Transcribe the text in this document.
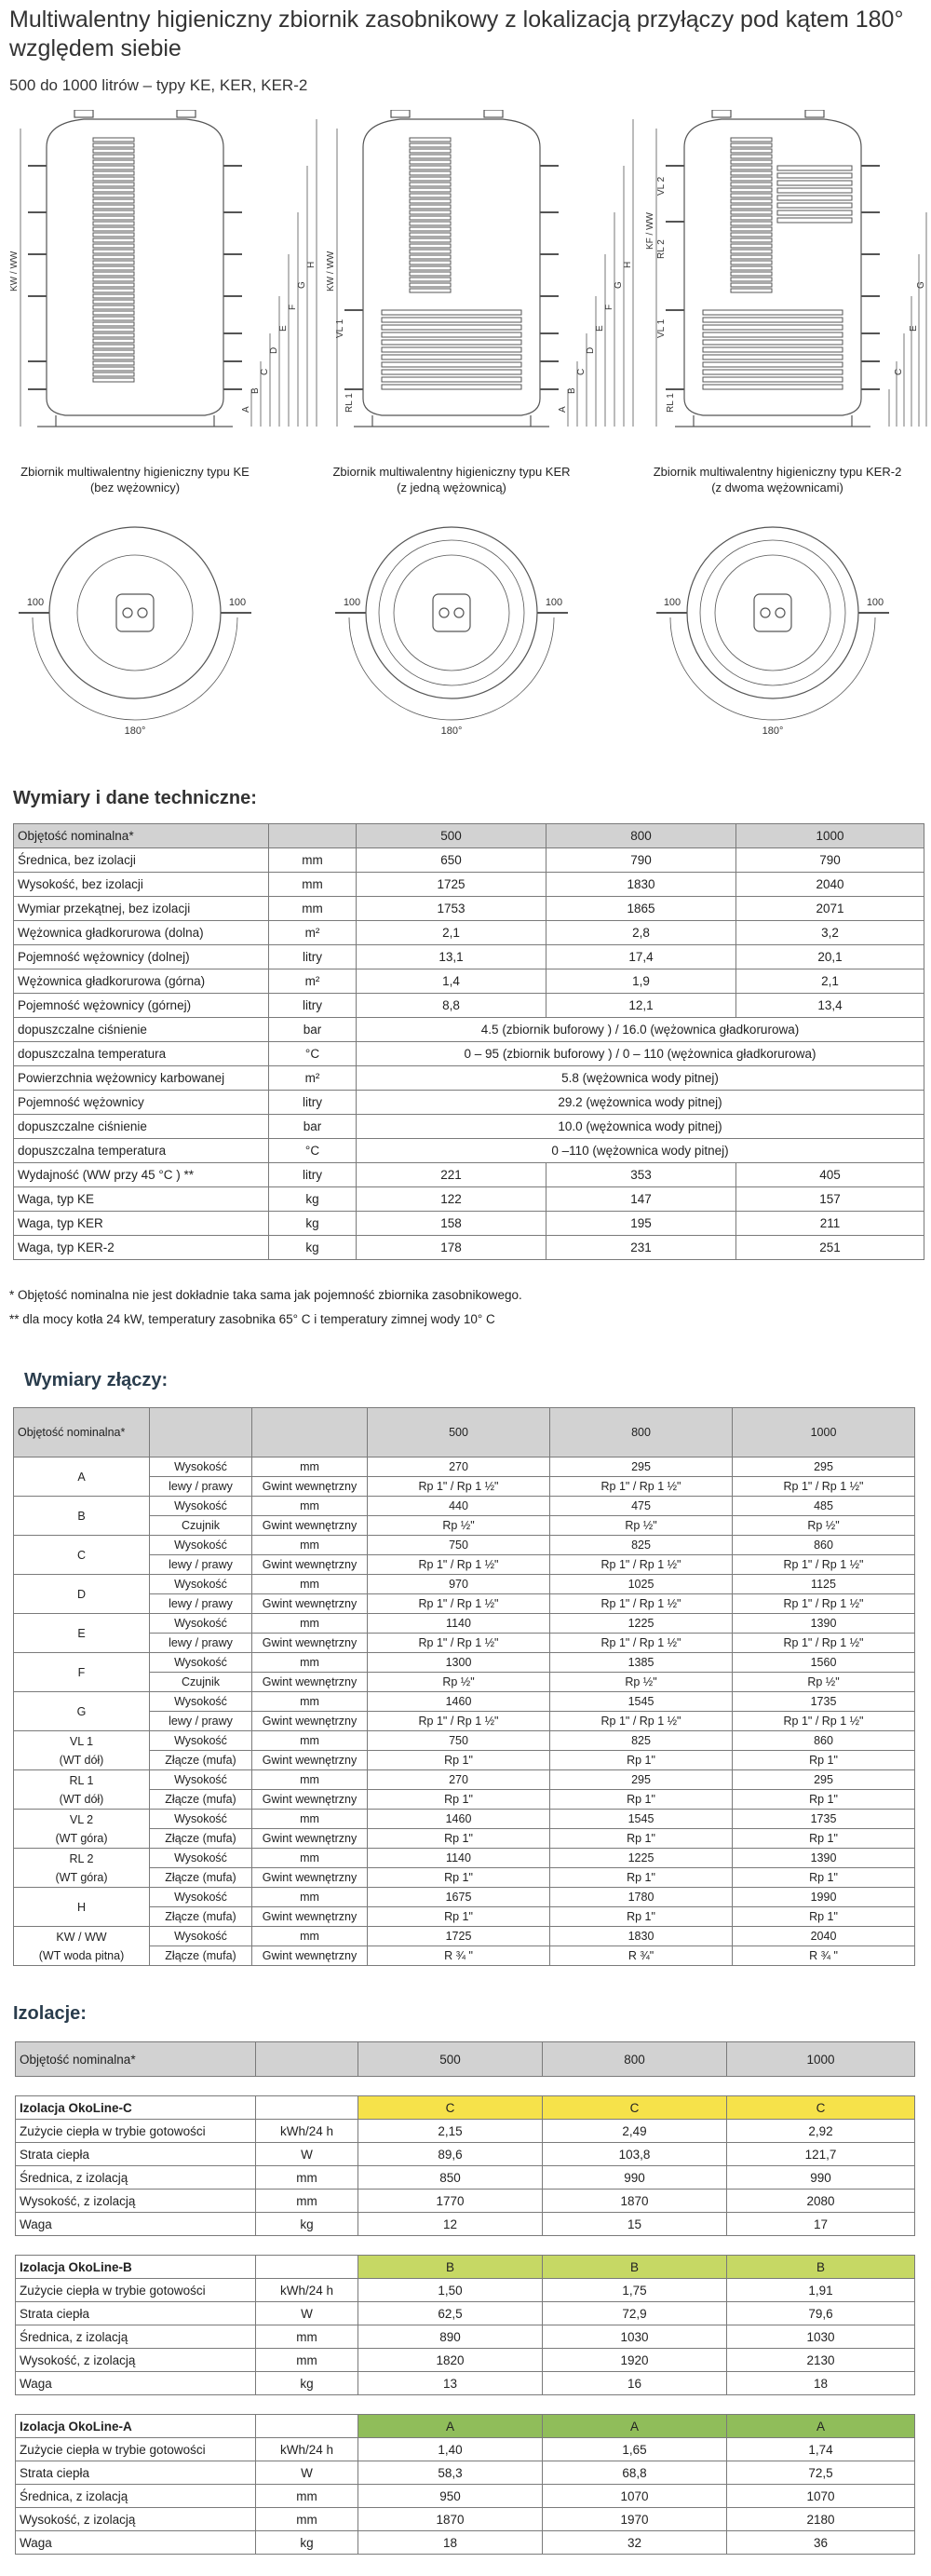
Multiwalentny higieniczny zbiornik zasobnikowy z lokalizacją przyłączy pod kątem 180° względem siebie
500 do 1000 litrów – typy KE, KER, KER-2
KW / WW
A
B
C
D
E
F
G
H KW / WW
VL 1
RL 1	A
B
C
D
E
F
G
H
KF / WW
VL 2
RL 2
VL 1
RL 1
C
E
G
180°	180°	180°
100	100	100	100	100	100
Zbiornik multiwalentny higieniczny typu KE
(bez wężownicy)
Zbiornik multiwalentny higieniczny typu KER
(z jedną wężownicą)
Zbiornik multiwalentny higieniczny typu KER-2
(z dwoma wężownicami)
Wymiary i dane techniczne:
Objętość nominalna*		500	800	1000
Średnica, bez izolacji	mm	650	790	790
Wysokość, bez izolacji	mm	1725	1830	2040
Wymiar przekątnej, bez izolacji	mm	1753	1865	2071
Wężownica gładkorurowa (dolna)	m²	2,1	2,8	3,2
Pojemność wężownicy (dolnej)	litry	13,1	17,4	20,1
Wężownica gładkorurowa (górna)	m²	1,4	1,9	2,1
Pojemność wężownicy (górnej)	litry	8,8	12,1	13,4
dopuszczalne ciśnienie	bar	4.5 (zbiornik buforowy ) / 16.0 (wężownica gładkorurowa)		
dopuszczalna temperatura	°C	0 – 95 (zbiornik buforowy ) / 0 – 110 (wężownica gładkorurowa)		
Powierzchnia wężownicy karbowanej	m²	5.8 (wężownica wody pitnej)		
Pojemność wężownicy	litry	29.2 (wężownica wody pitnej)		
dopuszczalne ciśnienie	bar	10.0 (wężownica wody pitnej)		
dopuszczalna temperatura	°C	0 –110 (wężownica wody pitnej)		
Wydajność (WW przy 45 °C ) **	litry	221	353	405
Waga, typ KE	kg	122	147	157
Waga, typ KER	kg	158	195	211
Waga, typ KER-2	kg	178	231	251
* Objętość nominalna nie jest dokładnie taka sama jak pojemność zbiornika zasobnikowego.
** dla mocy kotła 24 kW, temperatury zasobnika 65° C i temperatury zimnej wody 10° C
Wymiary złączy:
Objętość nominalna*			500	800	1000

A	Wysokość	mm	270	295	295
	lewy / prawy	Gwint wewnętrzny	Rp 1" / Rp 1 ½"	Rp 1" / Rp 1 ½"	Rp 1" / Rp 1 ½"

B	Wysokość	mm	440	475	485
	Czujnik	Gwint wewnętrzny	Rp ½"	Rp ½"	Rp ½"

C	Wysokość	mm	750	825	860
	lewy / prawy	Gwint wewnętrzny	Rp 1" / Rp 1 ½"	Rp 1" / Rp 1 ½"	Rp 1" / Rp 1 ½"

D	Wysokość	mm	970	1025	1125
	lewy / prawy	Gwint wewnętrzny	Rp 1" / Rp 1 ½"	Rp 1" / Rp 1 ½"	Rp 1" / Rp 1 ½"

E	Wysokość	mm	1140	1225	1390
	lewy / prawy	Gwint wewnętrzny	Rp 1" / Rp 1 ½"	Rp 1" / Rp 1 ½"	Rp 1" / Rp 1 ½"

F	Wysokość	mm	1300	1385	1560
	Czujnik	Gwint wewnętrzny	Rp ½"	Rp ½"	Rp ½"

G	Wysokość	mm	1460	1545	1735
	lewy / prawy	Gwint wewnętrzny	Rp 1" / Rp 1 ½"	Rp 1" / Rp 1 ½"	Rp 1" / Rp 1 ½"

VL 1
(WT dół)	Wysokość	mm	750	825	860
	Złącze (mufa)	Gwint wewnętrzny	Rp 1"	Rp 1"	Rp 1"

RL 1
(WT dół)	Wysokość	mm	270	295	295
	Złącze (mufa)	Gwint wewnętrzny	Rp 1"	Rp 1"	Rp 1"

VL 2
(WT góra)	Wysokość	mm	1460	1545	1735
	Złącze (mufa)	Gwint wewnętrzny	Rp 1"	Rp 1"	Rp 1"

RL 2
(WT góra)	Wysokość	mm	1140	1225	1390
	Złącze (mufa)	Gwint wewnętrzny	Rp 1"	Rp 1"	Rp 1"

H	Wysokość	mm	1675	1780	1990
	Złącze (mufa)	Gwint wewnętrzny	Rp 1"	Rp 1"	Rp 1"

KW / WW
(WT woda pitna)	Wysokość	mm	1725	1830	2040
	Złącze (mufa)	Gwint wewnętrzny	R ¾ "	R ¾"	R ¾ "
Izolacje:
Objętość nominalna*		500	800	1000

Izolacja OkoLine-C		C	C	C
Zużycie ciepła w trybie gotowości	kWh/24 h	2,15	2,49	2,92
Strata ciepła	W	89,6	103,8	121,7
Średnica, z izolacją	mm	850	990	990
Wysokość, z izolacją	mm	1770	1870	2080
Waga	kg	12	15	17

Izolacja OkoLine-B		B	B	B
Zużycie ciepła w trybie gotowości	kWh/24 h	1,50	1,75	1,91
Strata ciepła	W	62,5	72,9	79,6
Średnica, z izolacją	mm	890	1030	1030
Wysokość, z izolacją	mm	1820	1920	2130
Waga	kg	13	16	18

Izolacja OkoLine-A		A	A	A
Zużycie ciepła w trybie gotowości	kWh/24 h	1,40	1,65	1,74
Strata ciepła	W	58,3	68,8	72,5
Średnica, z izolacją	mm	950	1070	1070
Wysokość, z izolacją	mm	1870	1970	2180
Waga	kg	18	32	36
